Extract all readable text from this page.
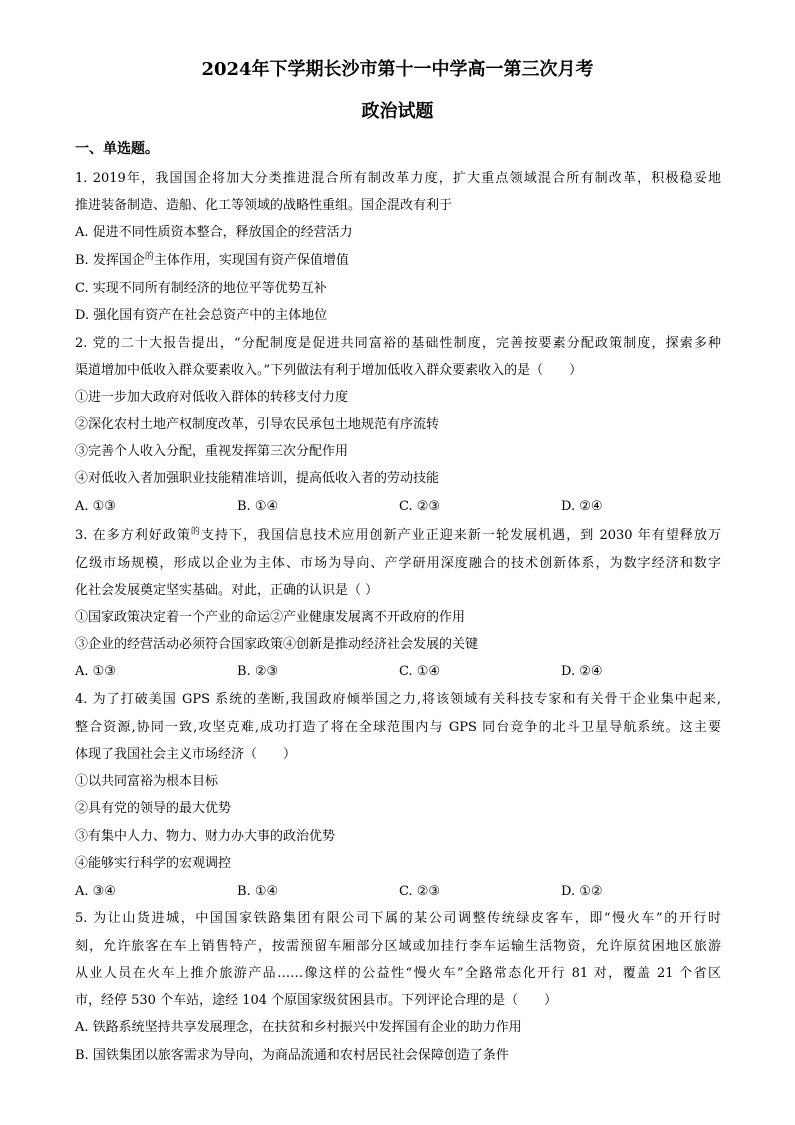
2024年下学期长沙市第十一中学高一第三次月考
政治试题
一、单选题。
1. 2019年，我国国企将加大分类推进混合所有制改革力度，扩大重点领域混合所有制改革，积极稳妥地
推进装备制造、造船、化工等领域的战略性重组。国企混改有利于
A. 促进不同性质资本整合，释放国企的经营活力
B. 发挥国企$^的$主体作用，实现国有资产保值增值
C. 实现不同所有制经济的地位平等优势互补
D. 强化国有资产在社会总资产中的主体地位
2. 党的二十大报告提出，“分配制度是促进共同富裕的基础性制度，完善按要素分配政策制度，探索多种
渠道增加中低收入群众要素收入。”下列做法有利于增加低收入群众要素收入的是（　　）
①进一步加大政府对低收入群体的转移支付力度
②深化农村土地产权制度改革，引导农民承包土地规范有序流转
③完善个人收入分配，重视发挥第三次分配作用
④对低收入者加强职业技能精准培训，提高低收入者的劳动技能
A. ①③	B. ①④	C. ②③	D. ②④
3. 在多方利好政策$^的$支持下，我国信息技术应用创新产业正迎来新一轮发展机遇，到 2030 年有望释放万
亿级市场规模，形成以企业为主体、市场为导向、产学研用深度融合的技术创新体系，为数字经济和数字
化社会发展奠定坚实基础。对此，正确的认识是（ ）
①国家政策决定着一个产业的命运②产业健康发展离不开政府的作用
③企业的经营活动必须符合国家政策④创新是推动经济社会发展的关键
A. ①③	B. ②③	C. ①④	D. ②④
4. 为了打破美国 GPS 系统的垄断,我国政府倾举国之力,将该领域有关科技专家和有关骨干企业集中起来,
整合资源,协同一致,攻坚克难,成功打造了将在全球范围内与 GPS 同台竞争的北斗卫星导航系统。这主要
体现了我国社会主义市场经济（　　）
①以共同富裕为根本目标
②具有党的领导的最大优势
③有集中人力、物力、财力办大事的政治优势
④能够实行科学的宏观调控
A. ③④	B. ①④	C. ②③	D. ①②
5. 为让山货进城，中国国家铁路集团有限公司下属的某公司调整传统绿皮客车，即“慢火车”的开行时
刻，允许旅客在车上销售特产，按需预留车厢部分区域或加挂行李车运输生活物资，允许原贫困地区旅游
从业人员在火车上推介旅游产品……像这样的公益性“慢火车”全路常态化开行 81 对，覆盖 21 个省区
市，经停 530 个车站，途经 104 个原国家级贫困县市。下列评论合理的是（　　）
A. 铁路系统坚持共享发展理念，在扶贫和乡村振兴中发挥国有企业的助力作用
B. 国铁集团以旅客需求为导向，为商品流通和农村居民社会保障创造了条件
